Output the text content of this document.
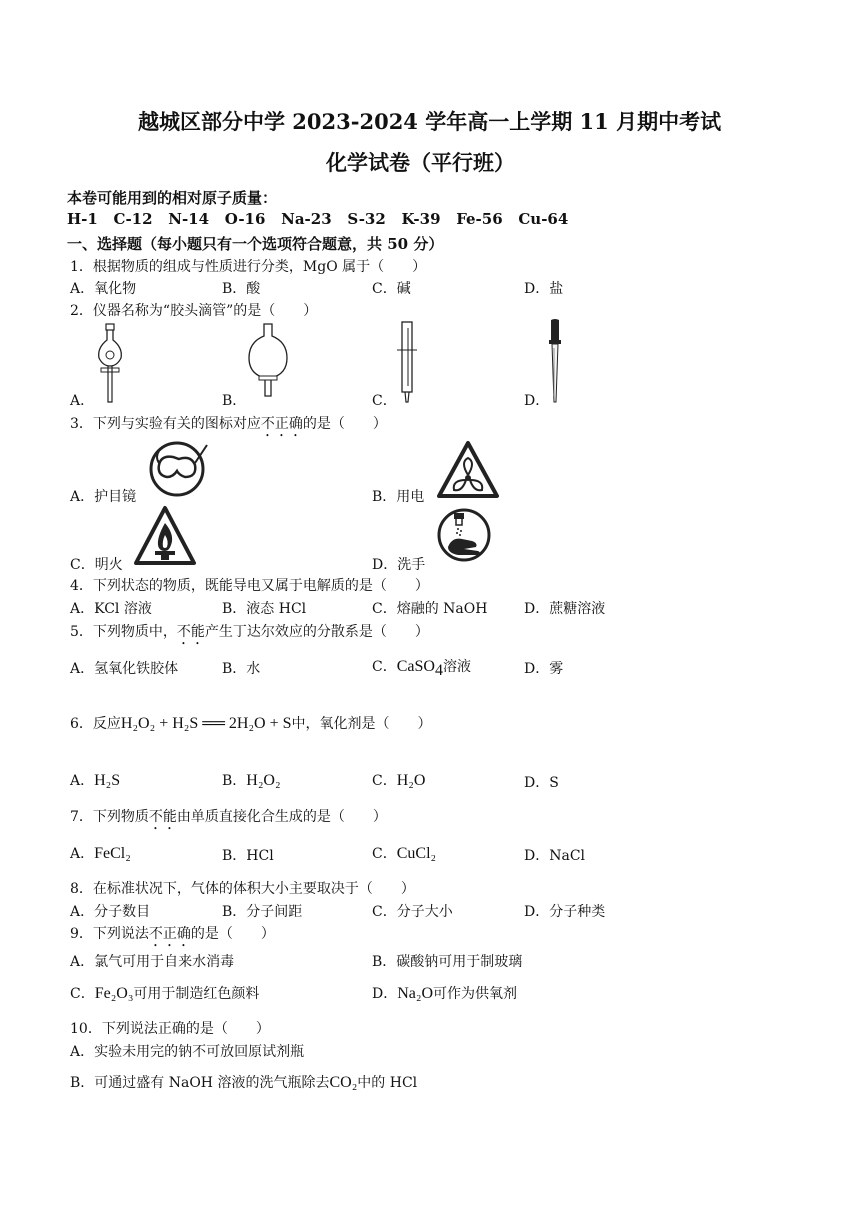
越城区部分中学 2023-2024 学年高一上学期 11 月期中考试
化学试卷（平行班）
本卷可能用到的相对原子质量：
H-1 C-12 N-14 O-16 Na-23 S-32 K-39 Fe-56 Cu-64
一、选择题（每小题只有一个选项符合题意，共 50 分）
1．根据物质的组成与性质进行分类，MgO 属于（　　）
A．氧化物	B．酸	C．碱	D．盐
2．仪器名称为“胶头滴管”的是（　　）
A．	B．	C．	D．
3．下列与实验有关的图标对应不正确的是（　　）
A．护目镜	B．用电
C．明火	D．洗手
4．下列状态的物质，既能导电又属于电解质的是（　　）
A．KCl 溶液	B．液态 HCl	C．熔融的 NaOH	D．蔗糖溶液
5．下列物质中，不能产生丁达尔效应的分散系是（　　）
A．氢氧化铁胶体	B．水	C．CaSO$_4$溶液	D．雾
6．反应H₂O₂ + H₂S ══ 2H₂O + S中，氧化剂是（　　）
A．H₂S	B．H₂O₂	C．H₂O	D．S
7．下列物质不能由单质直接化合生成的是（　　）
A．FeCl₂	B．HCl	C．CuCl₂	D．NaCl
8．在标准状况下，气体的体积大小主要取决于（　　）
A．分子数目	B．分子间距	C．分子大小	D．分子种类
9．下列说法不正确的是（　　）
A．氯气可用于自来水消毒	B．碳酸钠可用于制玻璃
C．Fe₂O₃可用于制造红色颜料	D．Na₂O可作为供氧剂
10．下列说法正确的是（　　）
A．实验未用完的钠不可放回原试剂瓶
B．可通过盛有 NaOH 溶液的洗气瓶除去CO₂中的 HCl
